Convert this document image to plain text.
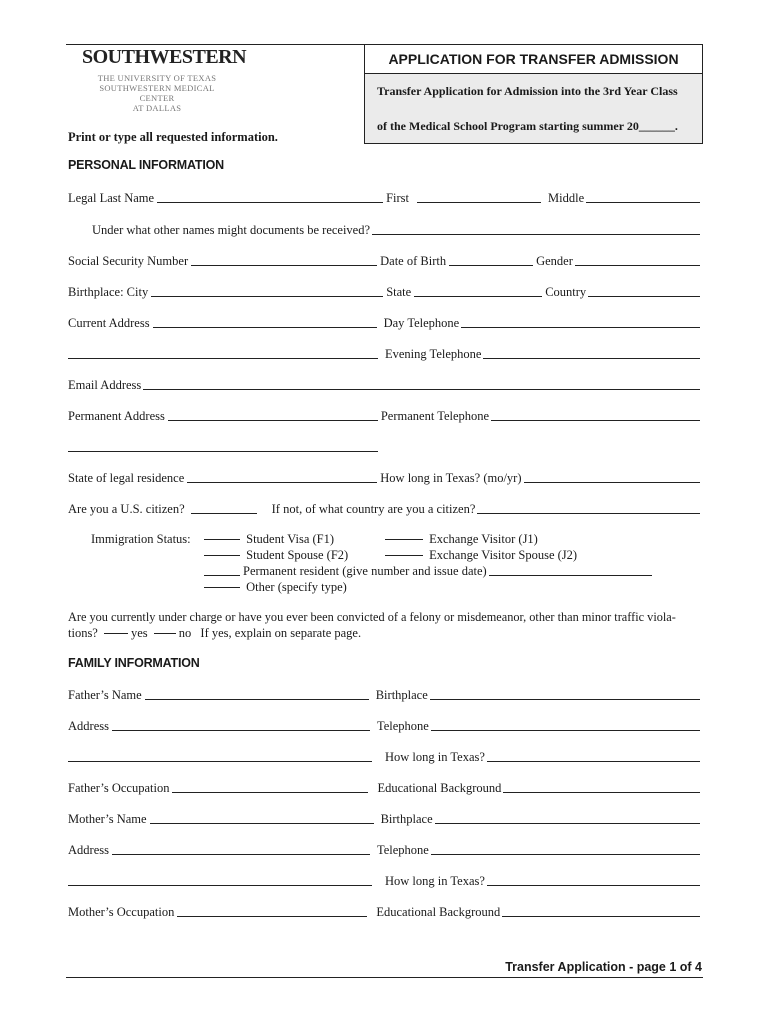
SOUTHWESTERN
THE UNIVERSITY OF TEXAS
SOUTHWESTERN MEDICAL CENTER
AT DALLAS
APPLICATION FOR TRANSFER ADMISSION
Transfer Application for Admission into the 3rd Year Class
of the Medical School Program starting summer 20______.
Print or type all requested information.
PERSONAL INFORMATION
Legal Last Name	First	Middle
Under what other names might documents be received?
Social Security Number	Date of Birth	Gender
Birthplace: City	State	Country
Current Address	Day Telephone
Evening Telephone
Email Address
Permanent Address	Permanent Telephone
State of legal residence	How long in Texas? (mo/yr)
Are you a U.S. citizen?	If not, of what country are you a citizen?
Immigration Status:	Student Visa (F1)	Exchange Visitor (J1)
Student Spouse (F2)	Exchange Visitor Spouse (J2)
Permanent resident (give number and issue date)
Other (specify type)
Are you currently under charge or have you ever been convicted of a felony or misdemeanor, other than minor traffic viola-
tions?	yes no If yes, explain on separate page.
FAMILY INFORMATION
Father’s Name	Birthplace
Address	Telephone
How long in Texas?
Father’s Occupation	Educational Background
Mother’s Name	Birthplace
Address	Telephone
How long in Texas?
Mother’s Occupation	Educational Background
Transfer Application - page 1 of 4
